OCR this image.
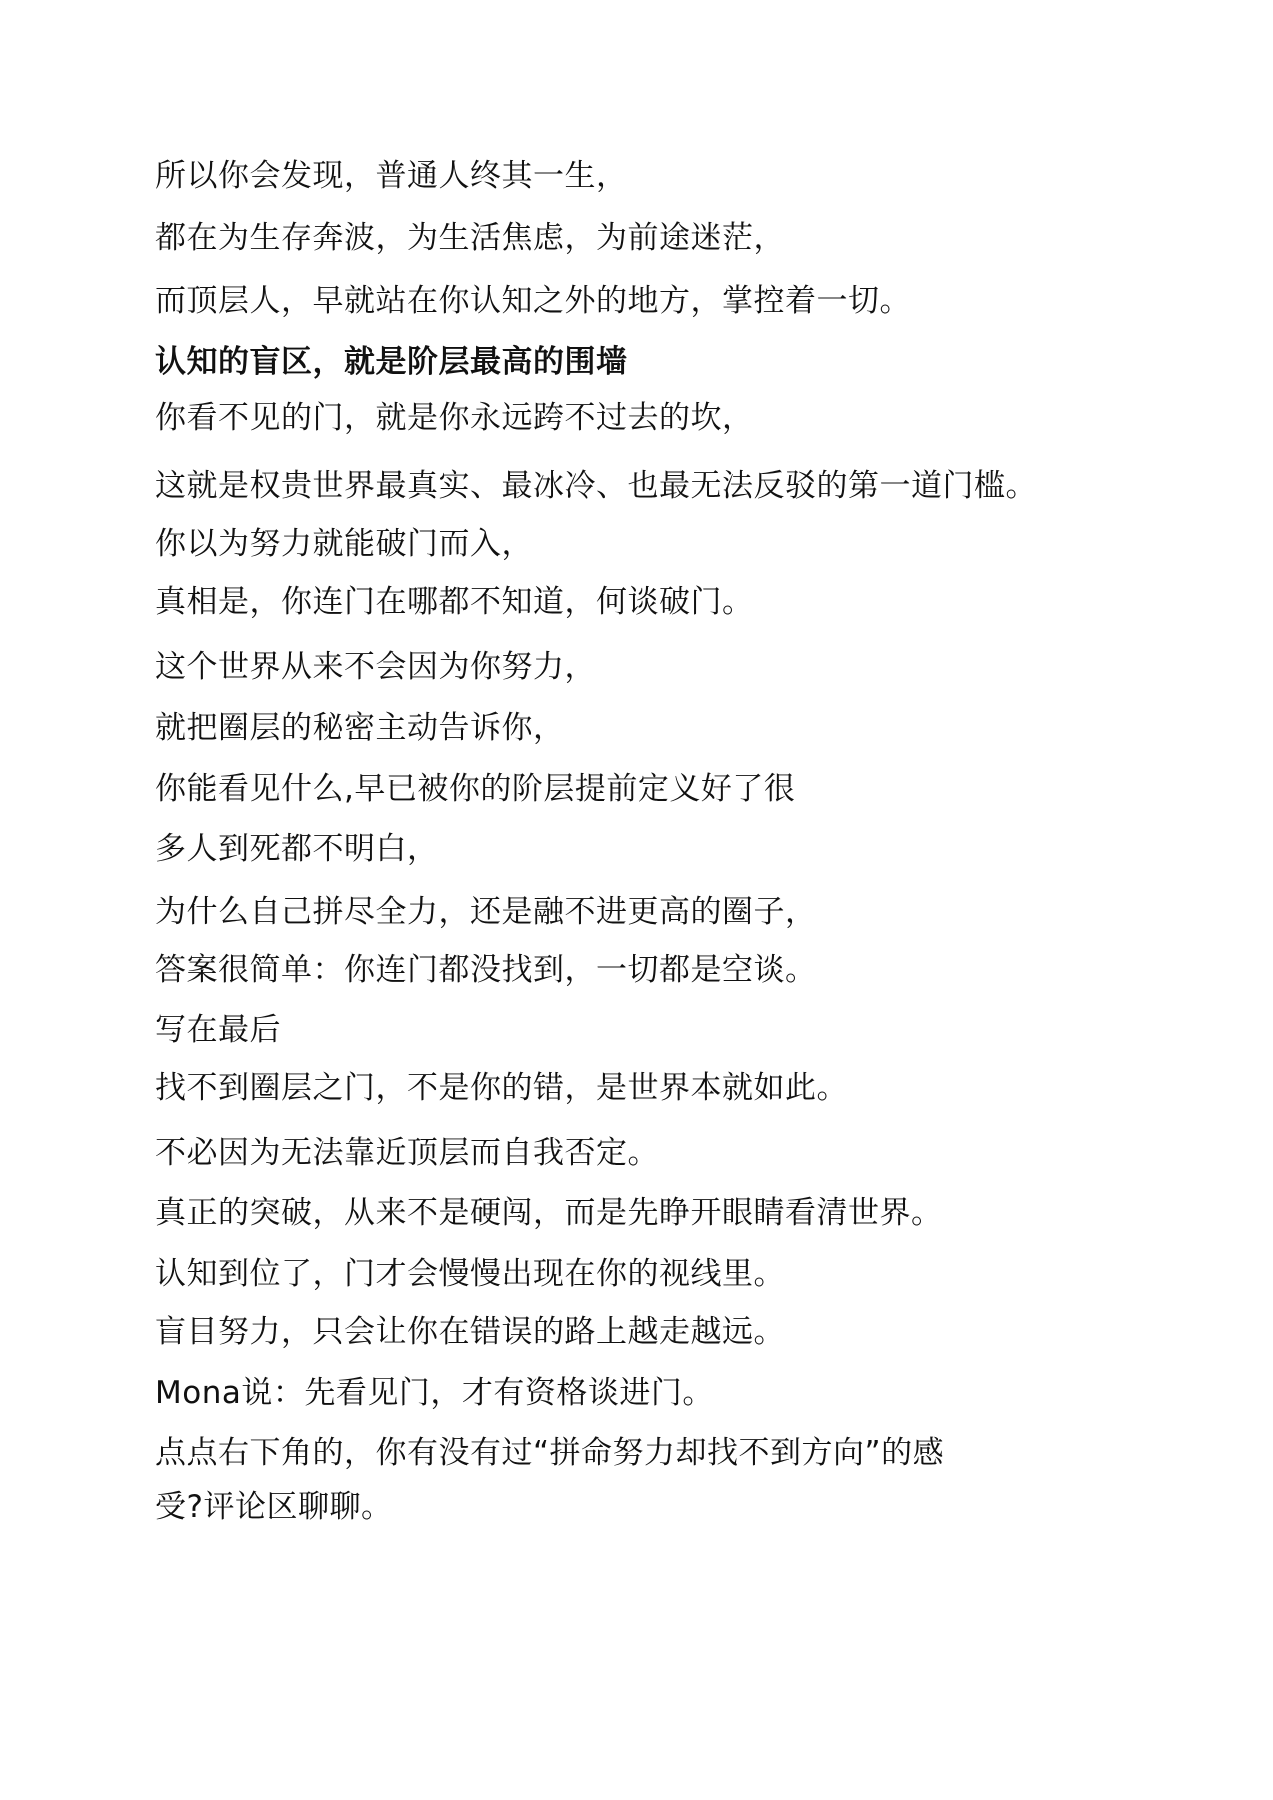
所以你会发现，普通人终其一生，
都在为生存奔波，为生活焦虑，为前途迷茫，
而顶层人，早就站在你认知之外的地方，掌控着一切。
认知的盲区，就是阶层最高的围墙
你看不见的门，就是你永远跨不过去的坎，
这就是权贵世界最真实、最冰冷、也最无法反驳的第一道门槛。
你以为努力就能破门而入，
真相是，你连门在哪都不知道，何谈破门。
这个世界从来不会因为你努力，
就把圈层的秘密主动告诉你，
你能看见什么,早已被你的阶层提前定义好了很
多人到死都不明白，
为什么自己拼尽全力，还是融不进更高的圈子，
答案很简单：你连门都没找到，一切都是空谈。
写在最后
找不到圈层之门，不是你的错，是世界本就如此。
不必因为无法靠近顶层而自我否定。
真正的突破，从来不是硬闯，而是先睁开眼睛看清世界。
认知到位了，门才会慢慢出现在你的视线里。
盲目努力，只会让你在错误的路上越走越远。
Mona说：先看见门，才有资格谈进门。
点点右下角的，你有没有过“拼命努力却找不到方向”的感
受?评论区聊聊。
